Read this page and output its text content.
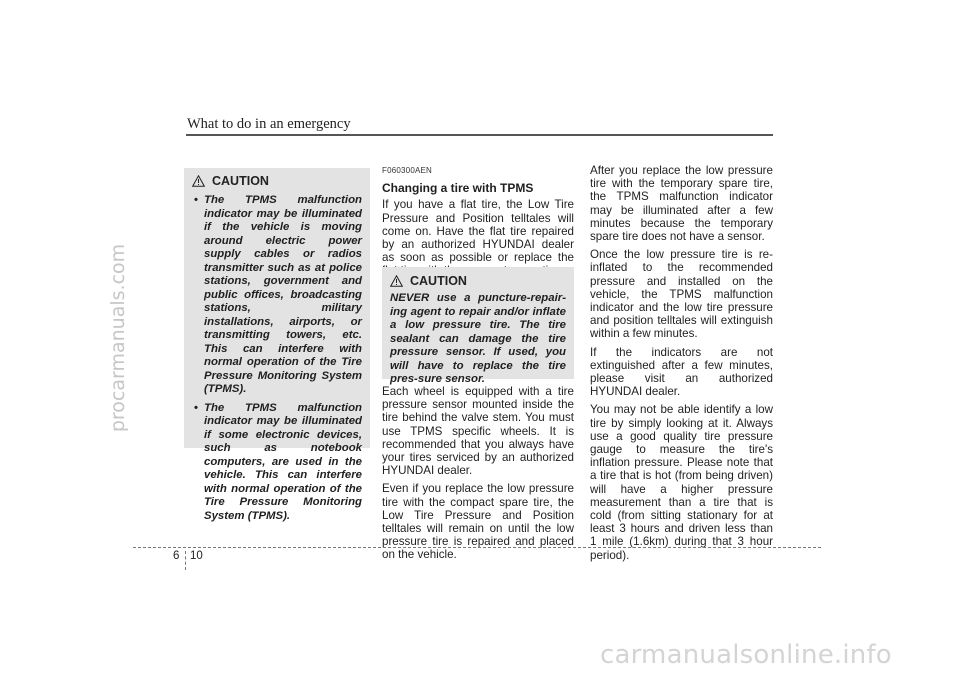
procarmanuals.com
carmanualsonline.info
What to do in an emergency
CAUTION
• The TPMS malfunction indicator may be illuminated if the vehicle is moving around electric power supply cables or radios transmitter such as at police stations, government and public offices, broadcasting stations, military installations, airports, or transmitting towers, etc. This can interfere with normal operation of the Tire Pressure Monitoring System (TPMS).
• The TPMS malfunction indicator may be illuminated if some electronic devices, such as notebook computers, are used in the vehicle. This can interfere with normal operation of the Tire Pressure Monitoring System (TPMS).

F060300AEN

Changing a tire with TPMS

If you have a flat tire, the Low Tire Pressure and Position telltales will come on. Have the flat tire repaired by an authorized HYUNDAI dealer as soon as possible or replace the

CAUTION

NEVER use a puncture-repair-ing agent to repair and/or inflate a low pressure tire. The tire sealant can damage the tire pressure sensor. If used, you will have to replace the tire pres-sure sensor.

Each wheel is equipped with a tire pressure sensor mounted inside the tire behind the valve stem. You must use TPMS specific wheels. It is recommended that you always have your tires serviced by an authorized HYUNDAI dealer.

Even if you replace the low pressure tire with the compact spare tire, the Low Tire Pressure and Position telltales will remain on until the low pressure tire is repaired and placed on the vehicle.

After you replace the low pressure tire with the temporary spare tire, the TPMS malfunction indicator may be illuminated after a few minutes because the temporary spare tire does not have a sensor.

Once the low pressure tire is re-inflated to the recommended pressure and installed on the vehicle, the TPMS malfunction indicator and the low tire pressure and position telltales will extinguish within a few minutes.

If the indicators are not extinguished after a few minutes, please visit an authorized HYUNDAI dealer.

You may not be able identify a low tire by simply looking at it. Always use a good quality tire pressure gauge to measure the tire's inflation pressure. Please note that a tire that is hot (from being driven) will have a higher pressure measurement than a tire that is cold (from sitting stationary for at least 3 hours and driven less than 1 mile (1.6km) during that 3 hour period).

6 10
